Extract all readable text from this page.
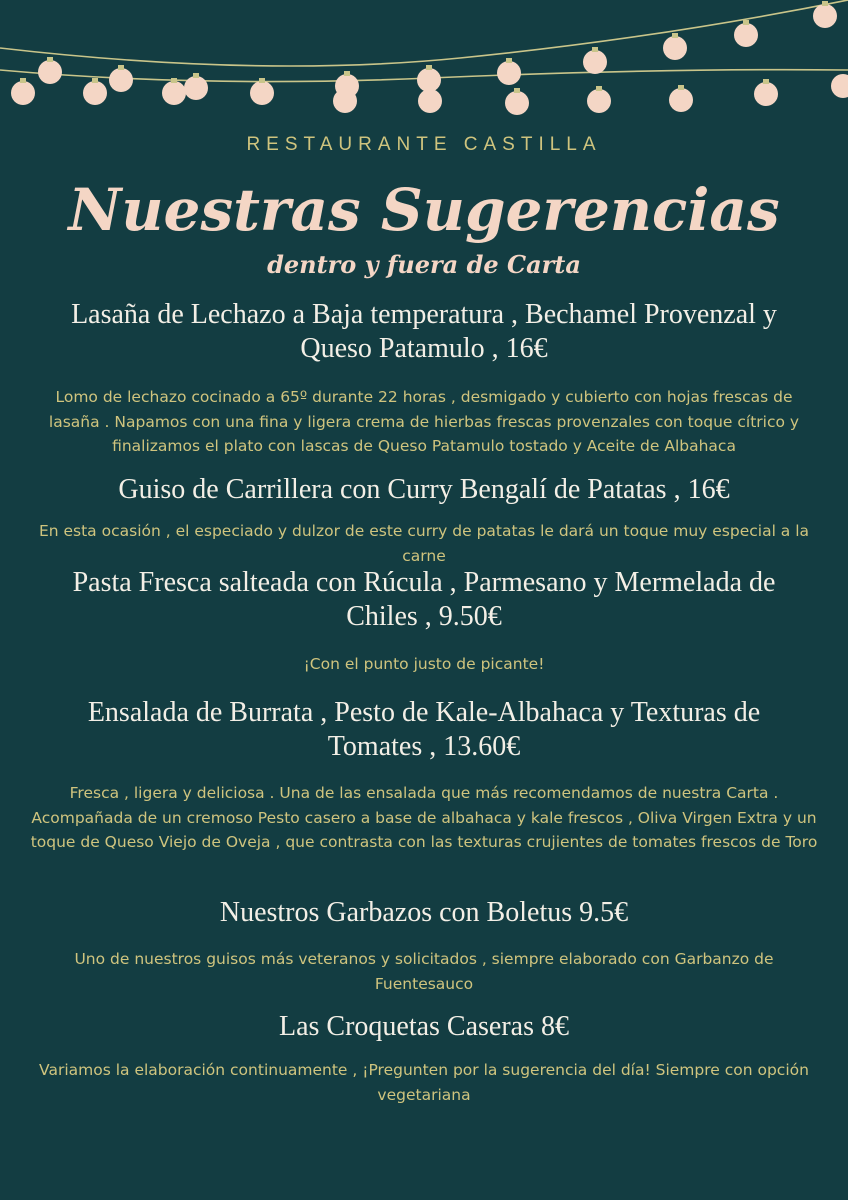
RESTAURANTE CASTILLA
Nuestras Sugerencias
dentro y fuera de Carta
Lasaña de Lechazo a Baja temperatura , Bechamel Provenzal y Queso Patamulo , 16€
Lomo de lechazo cocinado a 65º durante 22 horas , desmigado y cubierto con hojas frescas de lasaña . Napamos con una fina y ligera crema de hierbas frescas provenzales con toque cítrico y finalizamos el plato con lascas de Queso Patamulo tostado y Aceite de Albahaca
Guiso de Carrillera con Curry Bengalí de Patatas , 16€
En esta ocasión , el especiado y dulzor de este curry de patatas le dará un toque muy especial a la carne
Pasta Fresca salteada con Rúcula , Parmesano y Mermelada de Chiles , 9.50€
¡Con el punto justo de picante!
Ensalada de Burrata , Pesto de Kale-Albahaca y Texturas de Tomates , 13.60€
Fresca , ligera y deliciosa . Una de las ensalada que más recomendamos de nuestra Carta . Acompañada de un cremoso Pesto casero a base de albahaca y kale frescos , Oliva Virgen Extra y un toque de Queso Viejo de Oveja , que contrasta con las texturas crujientes de tomates frescos de Toro
Nuestros Garbazos con Boletus 9.5€
Uno de nuestros guisos más veteranos y solicitados , siempre elaborado con Garbanzo de Fuentesauco
Las Croquetas Caseras 8€
Variamos la elaboración continuamente , ¡Pregunten por la sugerencia del día! Siempre con opción vegetariana
